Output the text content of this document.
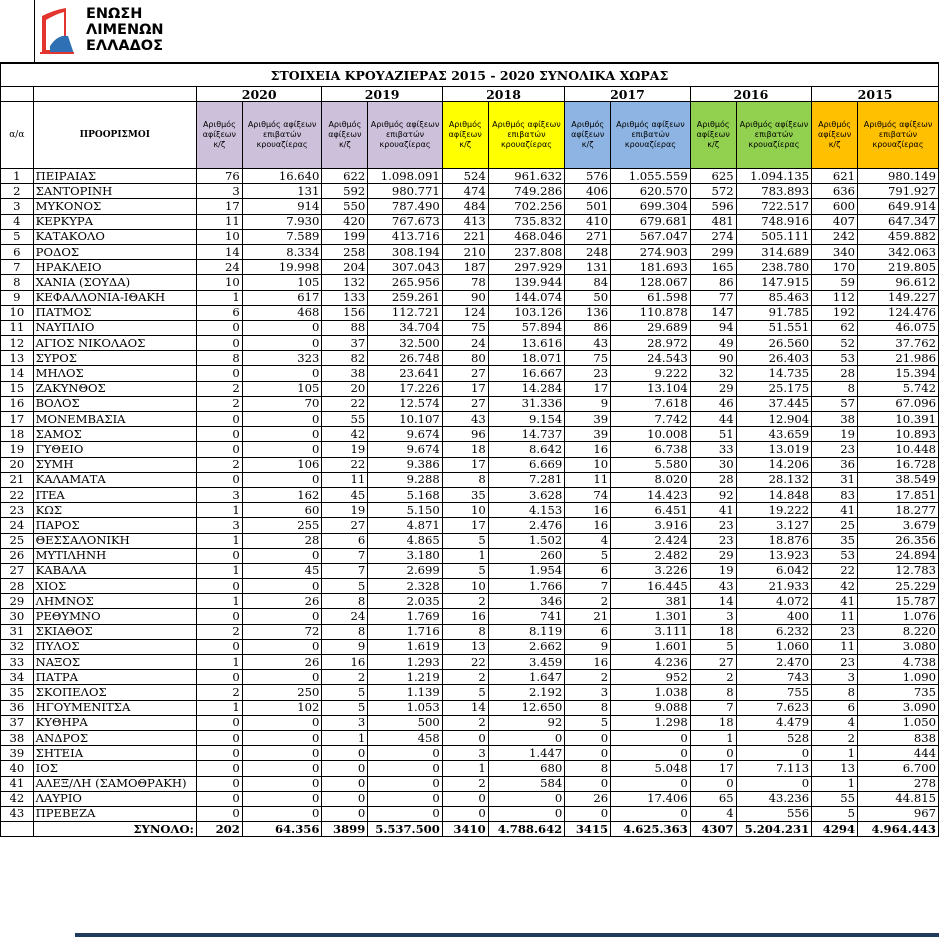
ΕΝΩΣΗ
ΛΙΜΕΝΩΝ
ΕΛΛΑΔΟΣ
ΣΤΟΙΧΕΙΑ ΚΡΟΥΑΖΙΕΡΑΣ 2015 - 2020 ΣΥΝΟΛΙΚΑ ΧΩΡΑΣ													
		2020		2019		2018		2017		2016		2015	
α/α	ΠΡΟΟΡΙΣΜΟΙ	Αριθμός αφίξεων κ/ζ	Αριθμός αφίξεων επιβατών κρουαζίερας	Αριθμός αφίξεων κ/ζ	Αριθμός αφίξεων επιβατών κρουαζίερας	Αριθμός αφίξεων κ/ζ	Αριθμός αφίξεων επιβατών κρουαζίερας	Αριθμός αφίξεων κ/ζ	Αριθμός αφίξεων επιβατών κρουαζίερας	Αριθμός αφίξεων κ/ζ	Αριθμός αφίξεων επιβατών κρουαζίερας	Αριθμός αφίξεων κ/ζ	Αριθμός αφίξεων επιβατών κρουαζίερας
1	ΠΕΙΡΑΙΑΣ	76	16.640	622	1.098.091	524	961.632	576	1.055.559	625	1.094.135	621	980.149
2	ΣΑΝΤΟΡΙΝΗ	3	131	592	980.771	474	749.286	406	620.570	572	783.893	636	791.927
3	ΜΥΚΟΝΟΣ	17	914	550	787.490	484	702.256	501	699.304	596	722.517	600	649.914
4	ΚΕΡΚΥΡΑ	11	7.930	420	767.673	413	735.832	410	679.681	481	748.916	407	647.347
5	ΚΑΤΑΚΟΛΟ	10	7.589	199	413.716	221	468.046	271	567.047	274	505.111	242	459.882
6	ΡΟΔΟΣ	14	8.334	258	308.194	210	237.808	248	274.903	299	314.689	340	342.063
7	ΗΡΑΚΛΕΙΟ	24	19.998	204	307.043	187	297.929	131	181.693	165	238.780	170	219.805
8	ΧΑΝΙΑ (ΣΟΥΔΑ)	10	105	132	265.956	78	139.944	84	128.067	86	147.915	59	96.612
9	ΚΕΦΑΛΛΟΝΙΑ-ΙΘΑΚΗ	1	617	133	259.261	90	144.074	50	61.598	77	85.463	112	149.227
10	ΠΑΤΜΟΣ	6	468	156	112.721	124	103.126	136	110.878	147	91.785	192	124.476
11	ΝΑΥΠΛΙΟ	0	0	88	34.704	75	57.894	86	29.689	94	51.551	62	46.075
12	ΑΓΙΟΣ ΝΙΚΟΛΑΟΣ	0	0	37	32.500	24	13.616	43	28.972	49	26.560	52	37.762
13	ΣΥΡΟΣ	8	323	82	26.748	80	18.071	75	24.543	90	26.403	53	21.986
14	ΜΗΛΟΣ	0	0	38	23.641	27	16.667	23	9.222	32	14.735	28	15.394
15	ΖΑΚΥΝΘΟΣ	2	105	20	17.226	17	14.284	17	13.104	29	25.175	8	5.742
16	ΒΟΛΟΣ	2	70	22	12.574	27	31.336	9	7.618	46	37.445	57	67.096
17	ΜΟΝΕΜΒΑΣΙΑ	0	0	55	10.107	43	9.154	39	7.742	44	12.904	38	10.391
18	ΣΑΜΟΣ	0	0	42	9.674	96	14.737	39	10.008	51	43.659	19	10.893
19	ΓΥΘΕΙΟ	0	0	19	9.674	18	8.642	16	6.738	33	13.019	23	10.448
20	ΣΥΜΗ	2	106	22	9.386	17	6.669	10	5.580	30	14.206	36	16.728
21	ΚΑΛΑΜΑΤΑ	0	0	11	9.288	8	7.281	11	8.020	28	28.132	31	38.549
22	ΙΤΕΑ	3	162	45	5.168	35	3.628	74	14.423	92	14.848	83	17.851
23	ΚΩΣ	1	60	19	5.150	10	4.153	16	6.451	41	19.222	41	18.277
24	ΠΑΡΟΣ	3	255	27	4.871	17	2.476	16	3.916	23	3.127	25	3.679
25	ΘΕΣΣΑΛΟΝΙΚΗ	1	28	6	4.865	5	1.502	4	2.424	23	18.876	35	26.356
26	ΜΥΤΙΛΗΝΗ	0	0	7	3.180	1	260	5	2.482	29	13.923	53	24.894
27	ΚΑΒΑΛΑ	1	45	7	2.699	5	1.954	6	3.226	19	6.042	22	12.783
28	ΧΙΟΣ	0	0	5	2.328	10	1.766	7	16.445	43	21.933	42	25.229
29	ΛΗΜΝΟΣ	1	26	8	2.035	2	346	2	381	14	4.072	41	15.787
30	ΡΕΘΥΜΝΟ	0	0	24	1.769	16	741	21	1.301	3	400	11	1.076
31	ΣΚΙΑΘΟΣ	2	72	8	1.716	8	8.119	6	3.111	18	6.232	23	8.220
32	ΠΥΛΟΣ	0	0	9	1.619	13	2.662	9	1.601	5	1.060	11	3.080
33	ΝΑΞΟΣ	1	26	16	1.293	22	3.459	16	4.236	27	2.470	23	4.738
34	ΠΑΤΡΑ	0	0	2	1.219	2	1.647	2	952	2	743	3	1.090
35	ΣΚΟΠΕΛΟΣ	2	250	5	1.139	5	2.192	3	1.038	8	755	8	735
36	ΗΓΟΥΜΕΝΙΤΣΑ	1	102	5	1.053	14	12.650	8	9.088	7	7.623	6	3.090
37	ΚΥΘΗΡΑ	0	0	3	500	2	92	5	1.298	18	4.479	4	1.050
38	ΑΝΔΡΟΣ	0	0	1	458	0	0	0	0	1	528	2	838
39	ΣΗΤΕΙΑ	0	0	0	0	3	1.447	0	0	0	0	1	444
40	ΙΟΣ	0	0	0	0	1	680	8	5.048	17	7.113	13	6.700
41	ΑΛΕΞ/ΛΗ (ΣΑΜΟΘΡΑΚΗ)	0	0	0	0	2	584	0	0	0	0	1	278
42	ΛΑΥΡΙΟ	0	0	0	0	0	0	26	17.406	65	43.236	55	44.815
43	ΠΡΕΒΕΖΑ	0	0	0	0	0	0	0	0	4	556	5	967
	ΣΥΝΟΛΟ:	202	64.356	3899	5.537.500	3410	4.788.642	3415	4.625.363	4307	5.204.231	4294	4.964.443
